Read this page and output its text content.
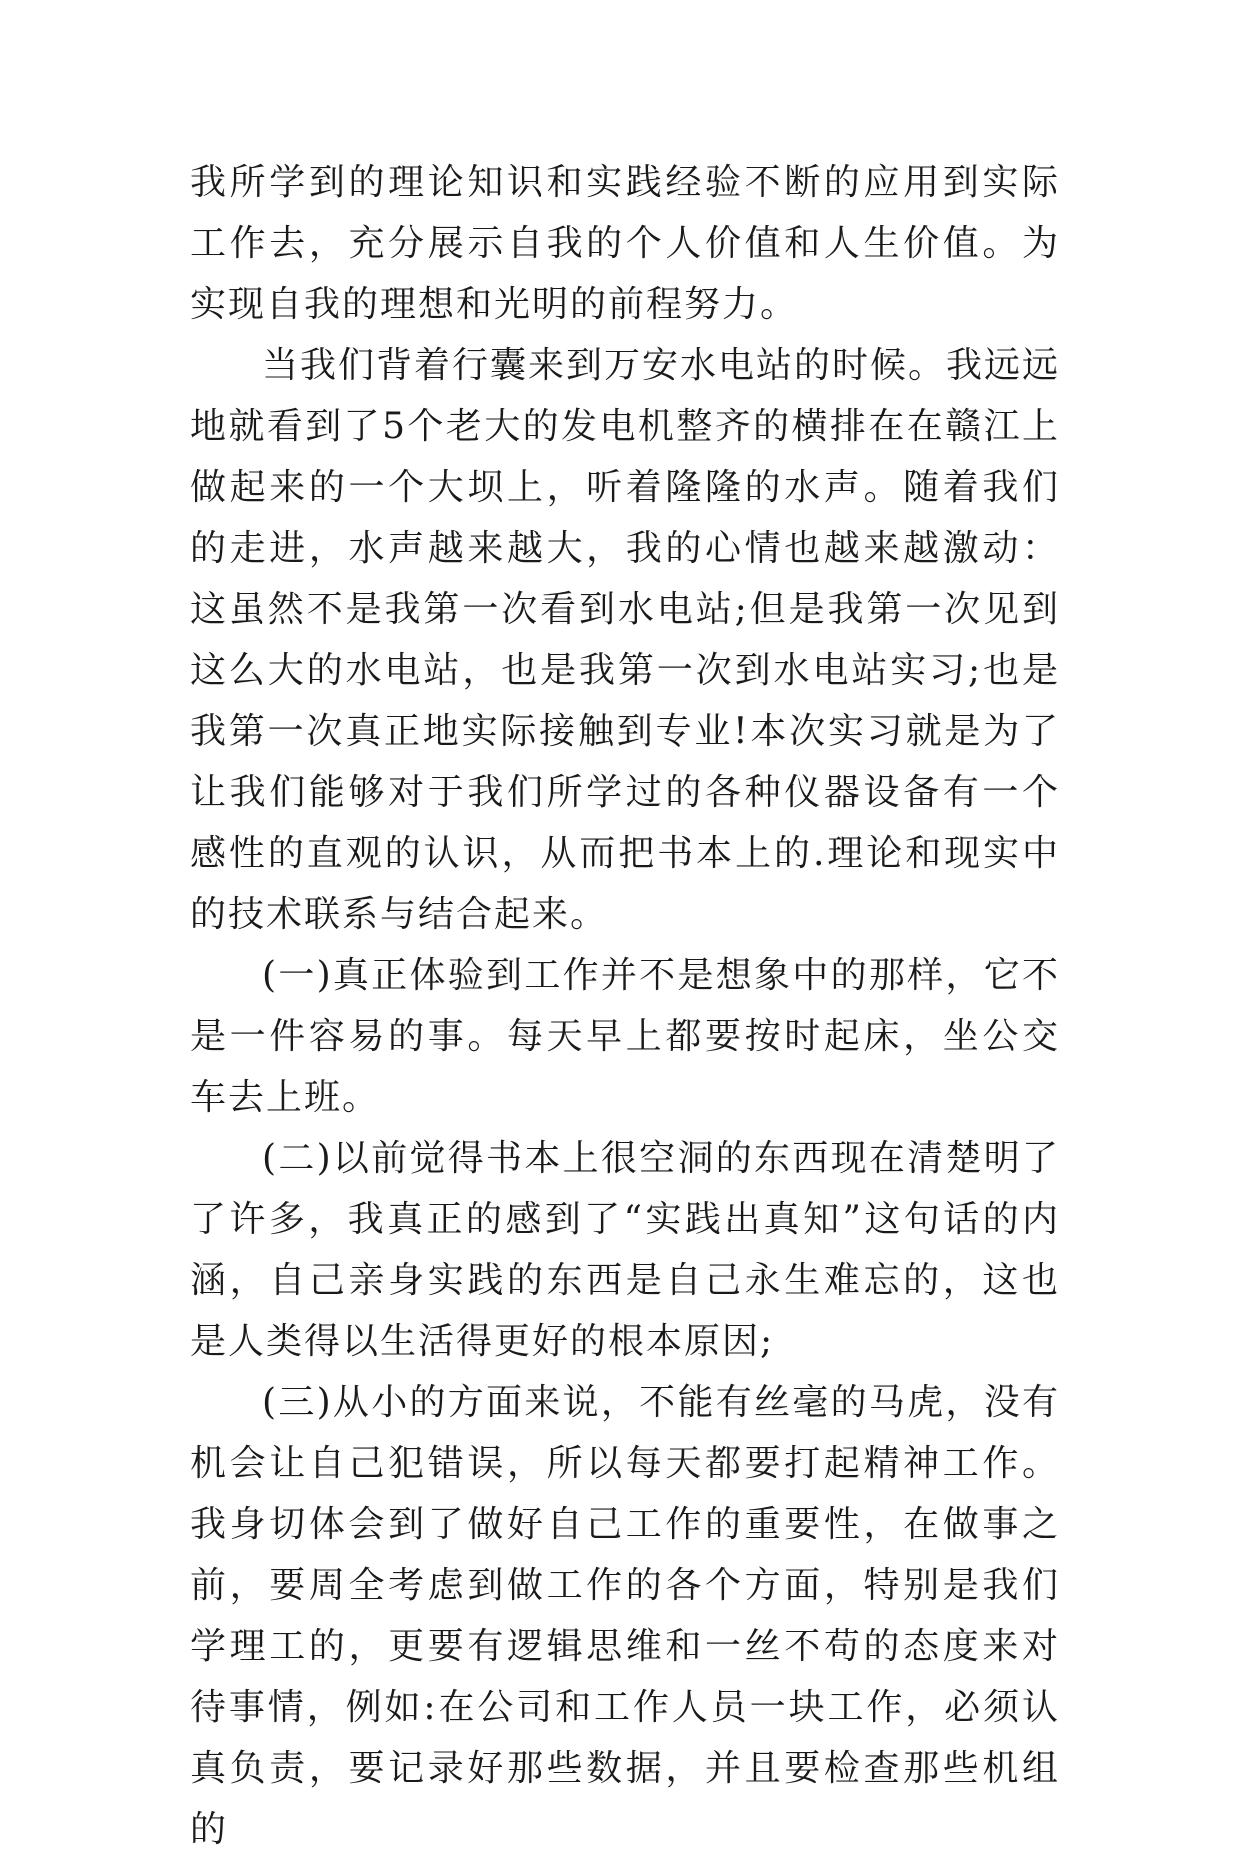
我所学到的理论知识和实践经验不断的应用到实际工作去，充分展示自我的个人价值和人生价值。为实现自我的理想和光明的前程努力。

当我们背着行囊来到万安水电站的时候。我远远地就看到了5个老大的发电机整齐的横排在在赣江上做起来的一个大坝上，听着隆隆的水声。随着我们的走进，水声越来越大，我的心情也越来越激动：这虽然不是我第一次看到水电站;但是我第一次见到这么大的水电站，也是我第一次到水电站实习;也是我第一次真正地实际接触到专业!本次实习就是为了让我们能够对于我们所学过的各种仪器设备有一个感性的直观的认识，从而把书本上的.理论和现实中的技术联系与结合起来。

(一)真正体验到工作并不是想象中的那样，它不是一件容易的事。每天早上都要按时起床，坐公交车去上班。

(二)以前觉得书本上很空洞的东西现在清楚明了了许多，我真正的感到了“实践出真知”这句话的内涵，自己亲身实践的东西是自己永生难忘的，这也是人类得以生活得更好的根本原因;

(三)从小的方面来说，不能有丝毫的马虎，没有机会让自己犯错误，所以每天都要打起精神工作。我身切体会到了做好自己工作的重要性，在做事之前，要周全考虑到做工作的各个方面，特别是我们学理工的，更要有逻辑思维和一丝不苟的态度来对待事情，例如:在公司和工作人员一块工作，必须认真负责，要记录好那些数据，并且要检查那些机组的
